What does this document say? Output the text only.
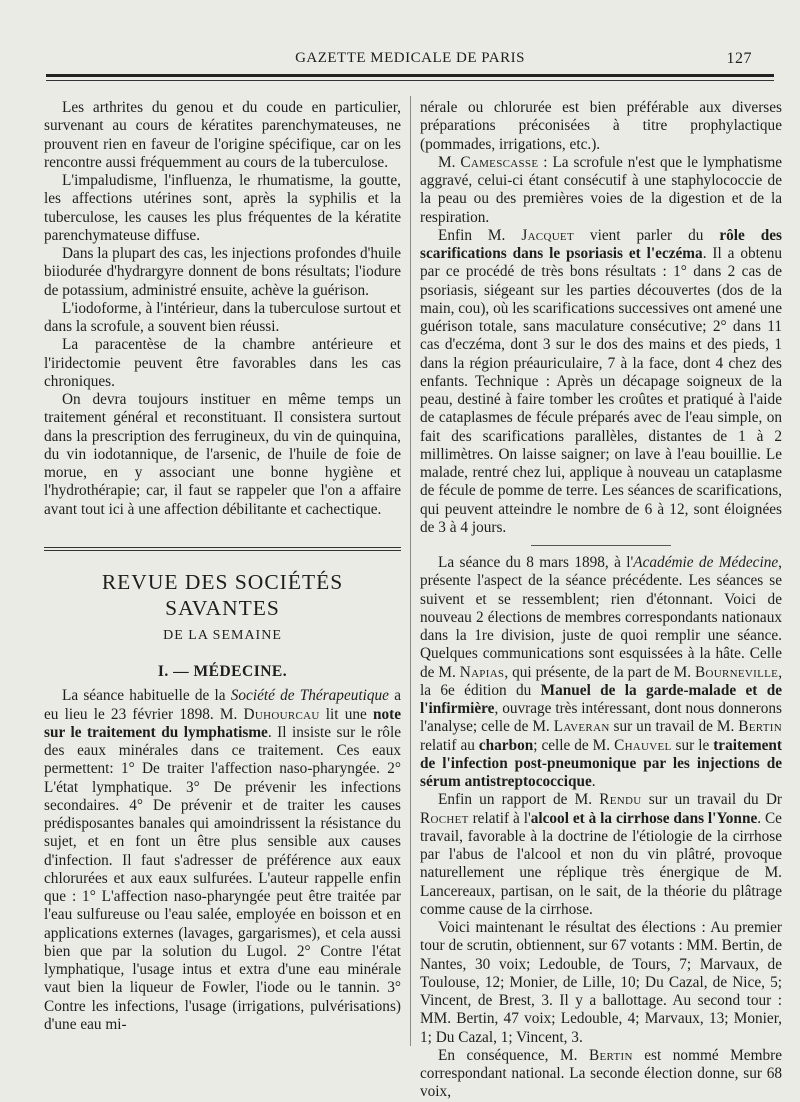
GAZETTE MEDICALE DE PARIS	127

Les arthrites du genou et du coude en particulier, survenant au cours de kératites parenchymateuses, ne prouvent rien en faveur de l'origine spécifique, car on les rencontre aussi fréquemment au cours de la tuberculose.

L'impaludisme, l'influenza, le rhumatisme, la goutte, les affections utérines sont, après la syphilis et la tuberculose, les causes les plus fréquentes de la kératite parenchymateuse diffuse.

Dans la plupart des cas, les injections profondes d'huile biiodurée d'hydrargyre donnent de bons résultats; l'iodure de potassium, administré ensuite, achève la guérison.

L'iodoforme, à l'intérieur, dans la tuberculose surtout et dans la scrofule, a souvent bien réussi.

La paracentèse de la chambre antérieure et l'iridectomie peuvent être favorables dans les cas chroniques.

On devra toujours instituer en même temps un traitement général et reconstituant. Il consistera surtout dans la prescription des ferrugineux, du vin de quinquina, du vin iodotannique, de l'arsenic, de l'huile de foie de morue, en y associant une bonne hygiène et l'hydrothérapie; car, il faut se rappeler que l'on a affaire avant tout ici à une affection débilitante et cachectique.

REVUE DES SOCIÉTÉS SAVANTES
DE LA SEMAINE
I. — MÉDECINE.

La séance habituelle de la Société de Thérapeutique a eu lieu le 23 février 1898. M. Duhourcau lit une note sur le traitement du lymphatisme. Il insiste sur le rôle des eaux minérales dans ce traitement. Ces eaux permettent: 1° De traiter l'affection naso-pharyngée. 2° L'état lymphatique. 3° De prévenir les infections secondaires. 4° De prévenir et de traiter les causes prédisposantes banales qui amoindrissent la résistance du sujet, et en font un être plus sensible aux causes d'infection. Il faut s'adresser de préférence aux eaux chlorurées et aux eaux sulfurées. L'auteur rappelle enfin que : 1° L'affection naso-pharyngée peut être traitée par l'eau sulfureuse ou l'eau salée, employée en boisson et en applications externes (lavages, gargarismes), et cela aussi bien que par la solution du Lugol. 2° Contre l'état lymphatique, l'usage intus et extra d'une eau minérale vaut bien la liqueur de Fowler, l'iode ou le tannin. 3° Contre les infections, l'usage (irrigations, pulvérisations) d'une eau mi-

nérale ou chlorurée est bien préférable aux diverses préparations préconisées à titre prophylactique (pommades, irrigations, etc.).

M. Camescasse : La scrofule n'est que le lymphatisme aggravé, celui-ci étant consécutif à une staphylococcie de la peau ou des premières voies de la digestion et de la respiration.

Enfin M. Jacquet vient parler du rôle des scarifications dans le psoriasis et l'eczéma. Il a obtenu par ce procédé de très bons résultats : 1° dans 2 cas de psoriasis, siégeant sur les parties découvertes (dos de la main, cou), où les scarifications successives ont amené une guérison totale, sans maculature consécutive; 2° dans 11 cas d'eczéma, dont 3 sur le dos des mains et des pieds, 1 dans la région préauriculaire, 7 à la face, dont 4 chez des enfants. Technique : Après un décapage soigneux de la peau, destiné à faire tomber les croûtes et pratiqué à l'aide de cataplasmes de fécule préparés avec de l'eau simple, on fait des scarifications parallèles, distantes de 1 à 2 millimètres. On laisse saigner; on lave à l'eau bouillie. Le malade, rentré chez lui, applique à nouveau un cataplasme de fécule de pomme de terre. Les séances de scarifications, qui peuvent atteindre le nombre de 6 à 12, sont éloignées de 3 à 4 jours.

La séance du 8 mars 1898, à l'Académie de Médecine, présente l'aspect de la séance précédente. Les séances se suivent et se ressemblent; rien d'étonnant. Voici de nouveau 2 élections de membres correspondants nationaux dans la 1re division, juste de quoi remplir une séance. Quelques communications sont esquissées à la hâte. Celle de M. Napias, qui présente, de la part de M. Bourneville, la 6e édition du Manuel de la garde-malade et de l'infirmière, ouvrage très intéressant, dont nous donnerons l'analyse; celle de M. Laveran sur un travail de M. Bertin relatif au charbon; celle de M. Chauvel sur le traitement de l'infection post-pneumonique par les injections de sérum antistreptococcique.

Enfin un rapport de M. Rendu sur un travail du Dr Rochet relatif à l'alcool et à la cirrhose dans l'Yonne. Ce travail, favorable à la doctrine de l'étiologie de la cirrhose par l'abus de l'alcool et non du vin plâtré, provoque naturellement une réplique très énergique de M. Lancereaux, partisan, on le sait, de la théorie du plâtrage comme cause de la cirrhose.

Voici maintenant le résultat des élections : Au premier tour de scrutin, obtiennent, sur 67 votants : MM. Bertin, de Nantes, 30 voix; Ledouble, de Tours, 7; Marvaux, de Toulouse, 12; Monier, de Lille, 10; Du Cazal, de Nice, 5; Vincent, de Brest, 3. Il y a ballottage. Au second tour : MM. Bertin, 47 voix; Ledouble, 4; Marvaux, 13; Monier, 1; Du Cazal, 1; Vincent, 3.

En conséquence, M. Bertin est nommé Membre correspondant national. La seconde élection donne, sur 68 voix,
